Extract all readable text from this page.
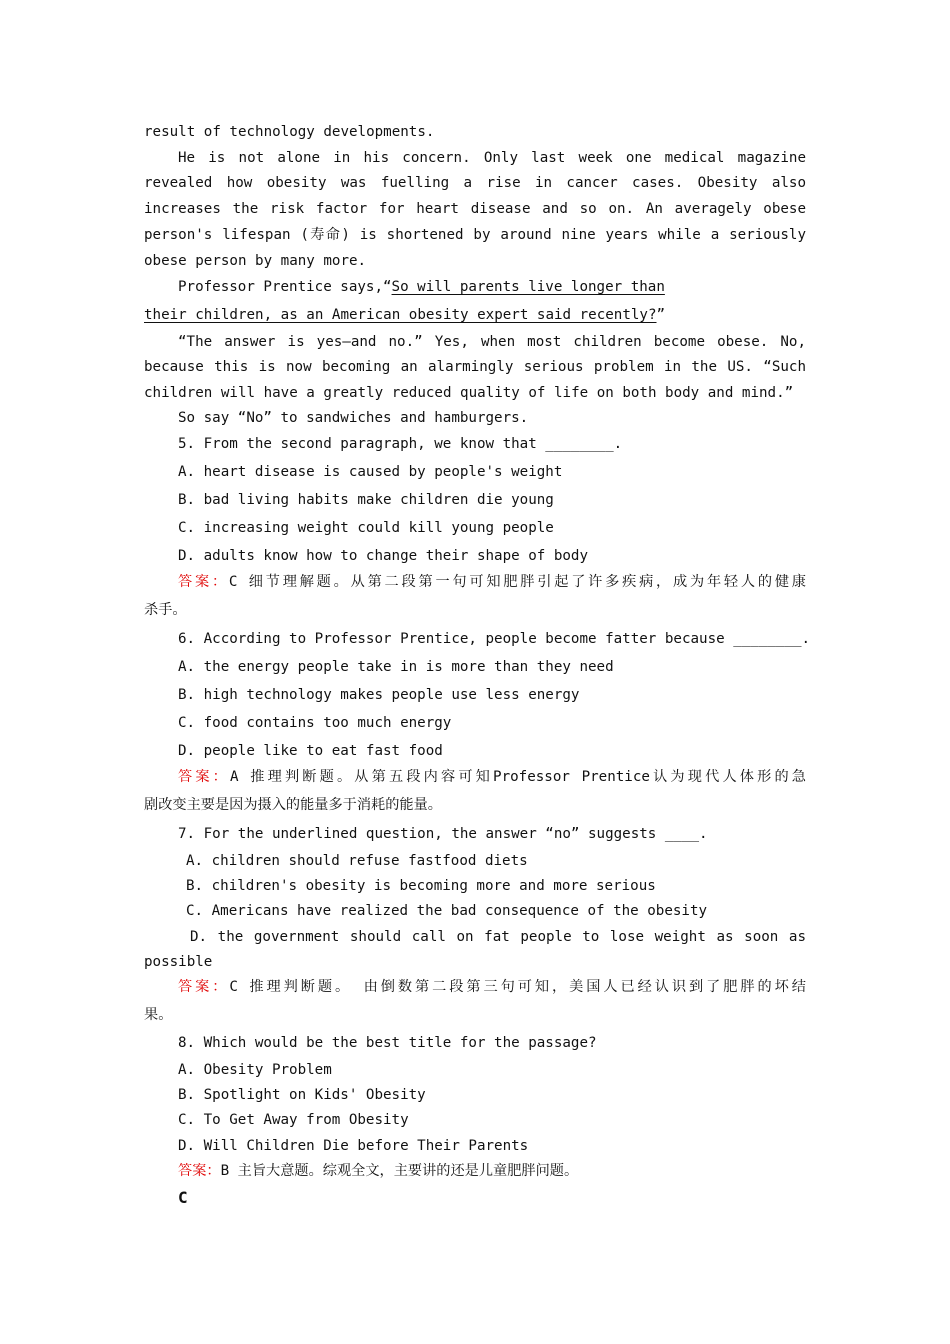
result of technology developments.
He is not alone in his concern. Only last week one medical magazine
revealed how obesity was fuelling a rise in cancer cases. Obesity also
increases the risk factor for heart disease and so on. An averagely obese
person's lifespan (寿命) is shortened by around nine years while a seriously
obese person by many more.
Professor Prentice says,“So will parents live longer than
their children, as an American obesity expert said recently?”
“The answer is yes—and no.” Yes, when most children become obese. No,
because this is now becoming an alarmingly serious problem in the US. “Such
children will have a greatly reduced quality of life on both body and mind.”
So say “No” to sandwiches and hamburgers.
5. From the second paragraph, we know that ________.
A. heart disease is caused by people's weight
B. bad living habits make children die young
C. increasing weight could kill young people
D. adults know how to change their shape of body
答案：C 细节理解题。从第二段第一句可知肥胖引起了许多疾病，成为年轻人的健康
杀手。
6. According to Professor Prentice, people become fatter because ________.
A. the energy people take in is more than they need
B. high technology makes people use less energy
C. food contains too much energy
D. people like to eat fast food
答案：A 推理判断题。从第五段内容可知Professor Prentice认为现代人体形的急
剧改变主要是因为摄入的能量多于消耗的能量。
7. For the underlined question, the answer “no” suggests ____.
A. children should refuse fastfood diets
B. children's obesity is becoming more and more serious
C. Americans have realized the bad consequence of the obesity
D. the government should call on fat people to lose weight as soon as
possible
答案：C 推理判断题。 由倒数第二段第三句可知，美国人已经认识到了肥胖的坏结
果。
8. Which would be the best title for the passage?
A. Obesity Problem
B. Spotlight on Kids' Obesity
C. To Get Away from Obesity
D. Will Children Die before Their Parents
答案：B 主旨大意题。综观全文，主要讲的还是儿童肥胖问题。
C
